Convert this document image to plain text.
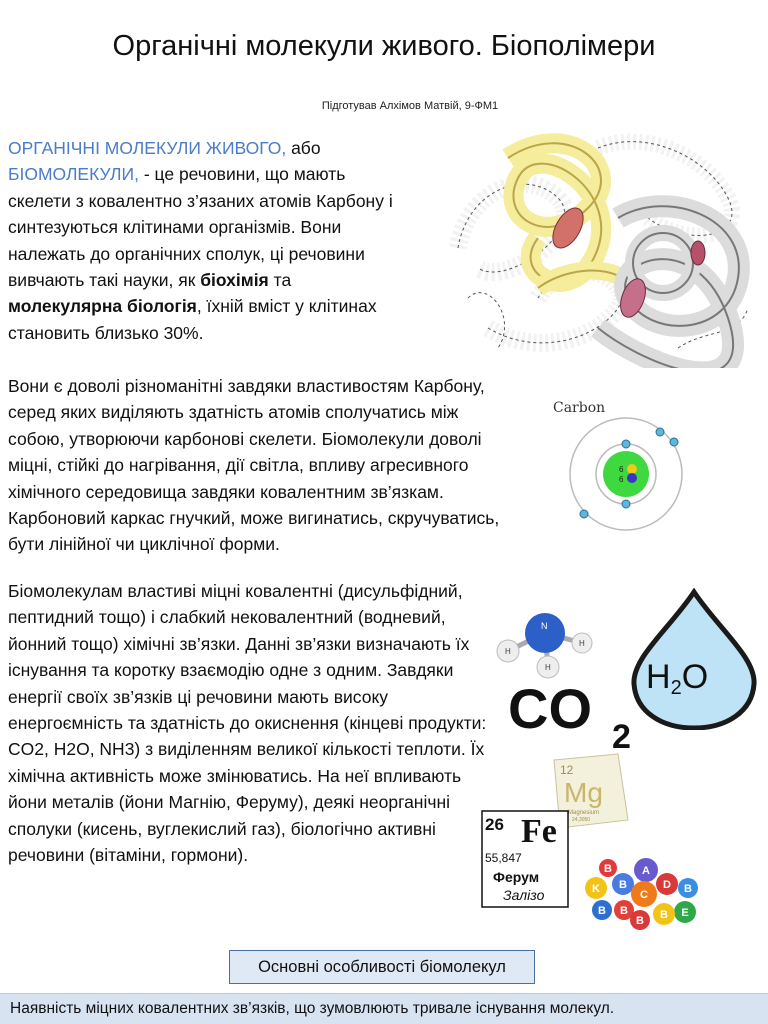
Органічні молекули живого. Біополімери
Підготував Алхімов Матвій, 9-ФМ1

ОРГАНІЧНІ МОЛЕКУЛИ ЖИВОГО, або БІОМОЛЕКУЛИ, - це речовини, що мають скелети з ковалентно з’язаних атомів Карбону і синтезуються клітинами організмів. Вони належать до органічних сполук, ці речовини вивчають такі науки, як біохімія та молекулярна біологія, їхній вміст у клітинах становить близько 30%.

Вони є доволі різноманітні завдяки властивостям Карбону, серед яких виділяють здатність атомів сполучатись між собою, утворюючи карбонові скелети. Біомолекули доволі міцні, стійкі до нагрівання, дії світла, впливу агресивного хімічного середовища завдяки ковалентним зв’язкам. Карбоновий каркас гнучкий, може вигинатись, скручуватись, бути лінійної чи циклічної форми.

Біомолекулам властиві міцні ковалентні (дисульфідний, пептидний тощо) і слабкий нековалентний (водневий, йонний тощо) хімічні зв’язки. Данні зв’язки визначають їх існування та коротку взаємодію одне з одним. Завдяки енергії своїх зв’язків ці речовини мають високу енергоємність та здатність до окиснення (кінцеві продукти: CO2, H2O, NH3) з виділенням великої кількості теплоти. Їх хімічна активність може змінюватись. На неї впливають йони металів (йони Магнію, Феруму), деякі неорганічні сполуки (кисень, вуглекислий газ), біологічно активні речовини (вітаміни, гормони).

Carbon
6
6
N
H
H
H	H2O
CO 2
12
Mg
Magnesium
24,3050
26 Fe
55,847
Ферум
Залізо
A
B
C
D
E
K
B
B
B B	B
B
Основні особливості біомолекул
Наявність міцних ковалентних зв’язків, що зумовлюють тривале існування молекул.
